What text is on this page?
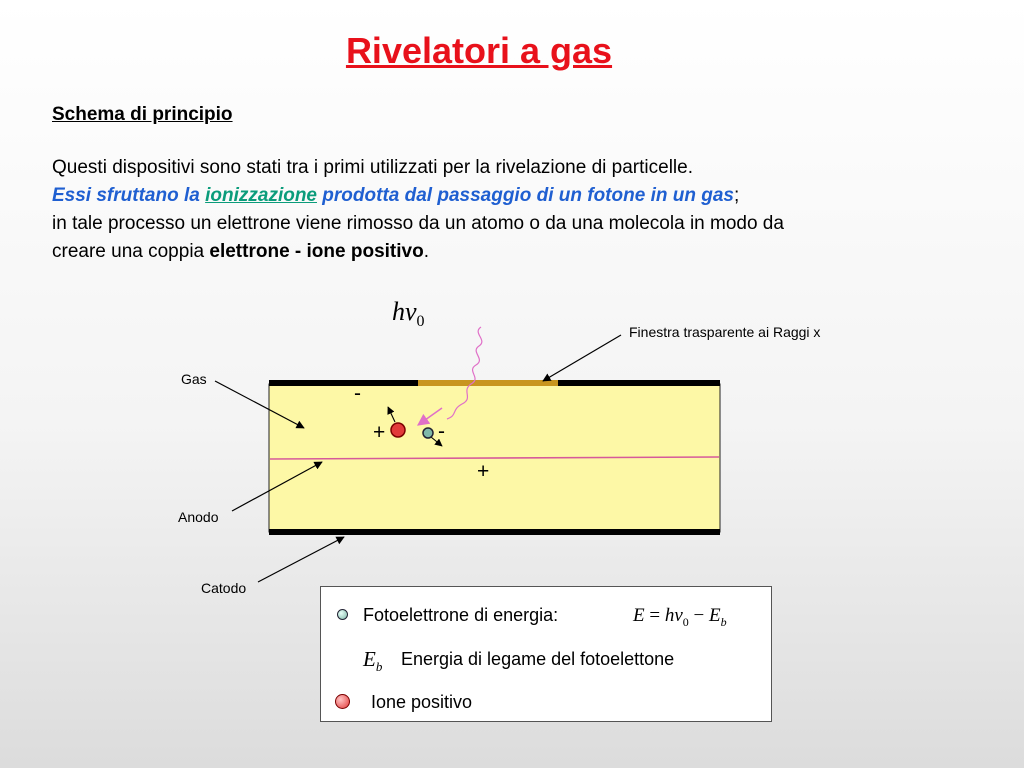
Rivelatori a gas
Schema di principio
Questi dispositivi sono stati tra i primi utilizzati per la rivelazione di particelle.
Essi sfruttano la ionizzazione prodotta dal passaggio di un fotone in un gas;
in tale processo un elettrone viene rimosso da un atomo o da una molecola in modo da
creare una coppia elettrone - ione positivo.
$h\nu_0$
Finestra trasparente ai Raggi x
Gas
Anodo
Catodo
-
+	-
+
Fotoelettrone di energia:	$E = h\nu_0 - E_b$
$E_b$ Energia di legame del fotoelettone
Ione positivo
